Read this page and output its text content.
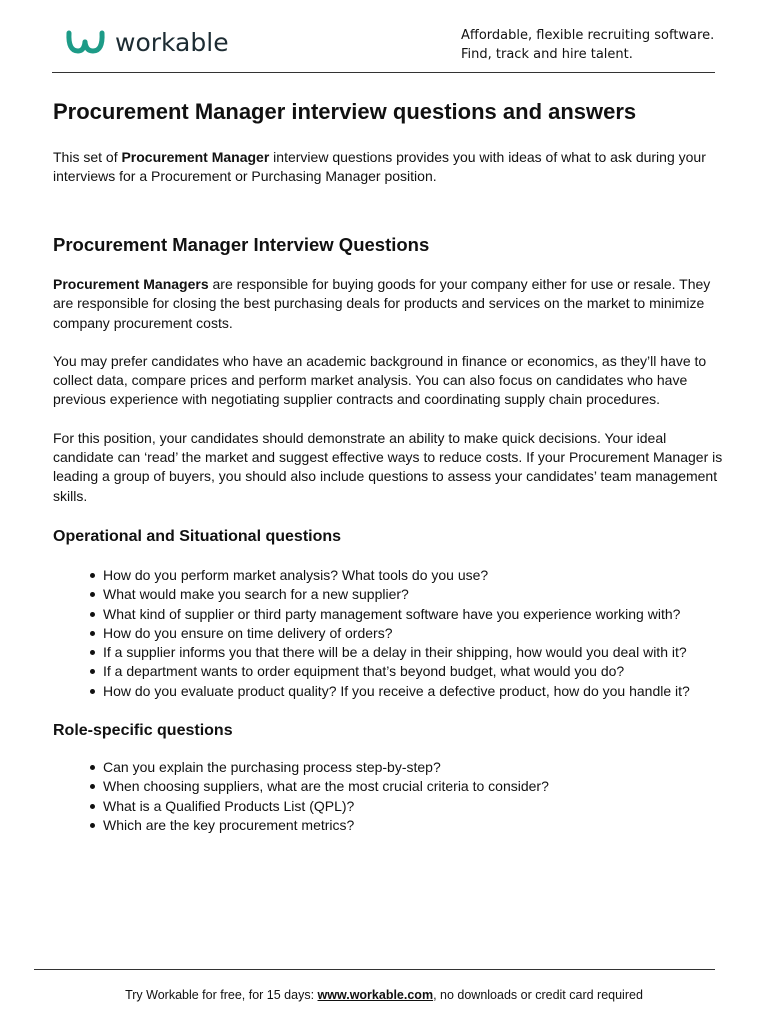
workable	Affordable, flexible recruiting software.
Find, track and hire talent.
Procurement Manager interview questions and answers

This set of Procurement Manager interview questions provides you with ideas of what to ask during your interviews for a Procurement or Purchasing Manager position.

Procurement Manager Interview Questions

Procurement Managers are responsible for buying goods for your company either for use or resale. They are responsible for closing the best purchasing deals for products and services on the market to minimize company procurement costs.

You may prefer candidates who have an academic background in finance or economics, as they’ll have to collect data, compare prices and perform market analysis. You can also focus on candidates who have previous experience with negotiating supplier contracts and coordinating supply chain procedures.

For this position, your candidates should demonstrate an ability to make quick decisions. Your ideal candidate can ‘read’ the market and suggest effective ways to reduce costs. If your Procurement Manager is leading a group of buyers, you should also include questions to assess your candidates’ team management skills.

Operational and Situational questions
How do you perform market analysis? What tools do you use?
What would make you search for a new supplier?
What kind of supplier or third party management software have you experience working with?
How do you ensure on time delivery of orders?
If a supplier informs you that there will be a delay in their shipping, how would you deal with it?
If a department wants to order equipment that’s beyond budget, what would you do?
How do you evaluate product quality? If you receive a defective product, how do you handle it?
Role-specific questions
Can you explain the purchasing process step-by-step?
When choosing suppliers, what are the most crucial criteria to consider?
What is a Qualified Products List (QPL)?
Which are the key procurement metrics?
Try Workable for free, for 15 days: www.workable.com, no downloads or credit card required
